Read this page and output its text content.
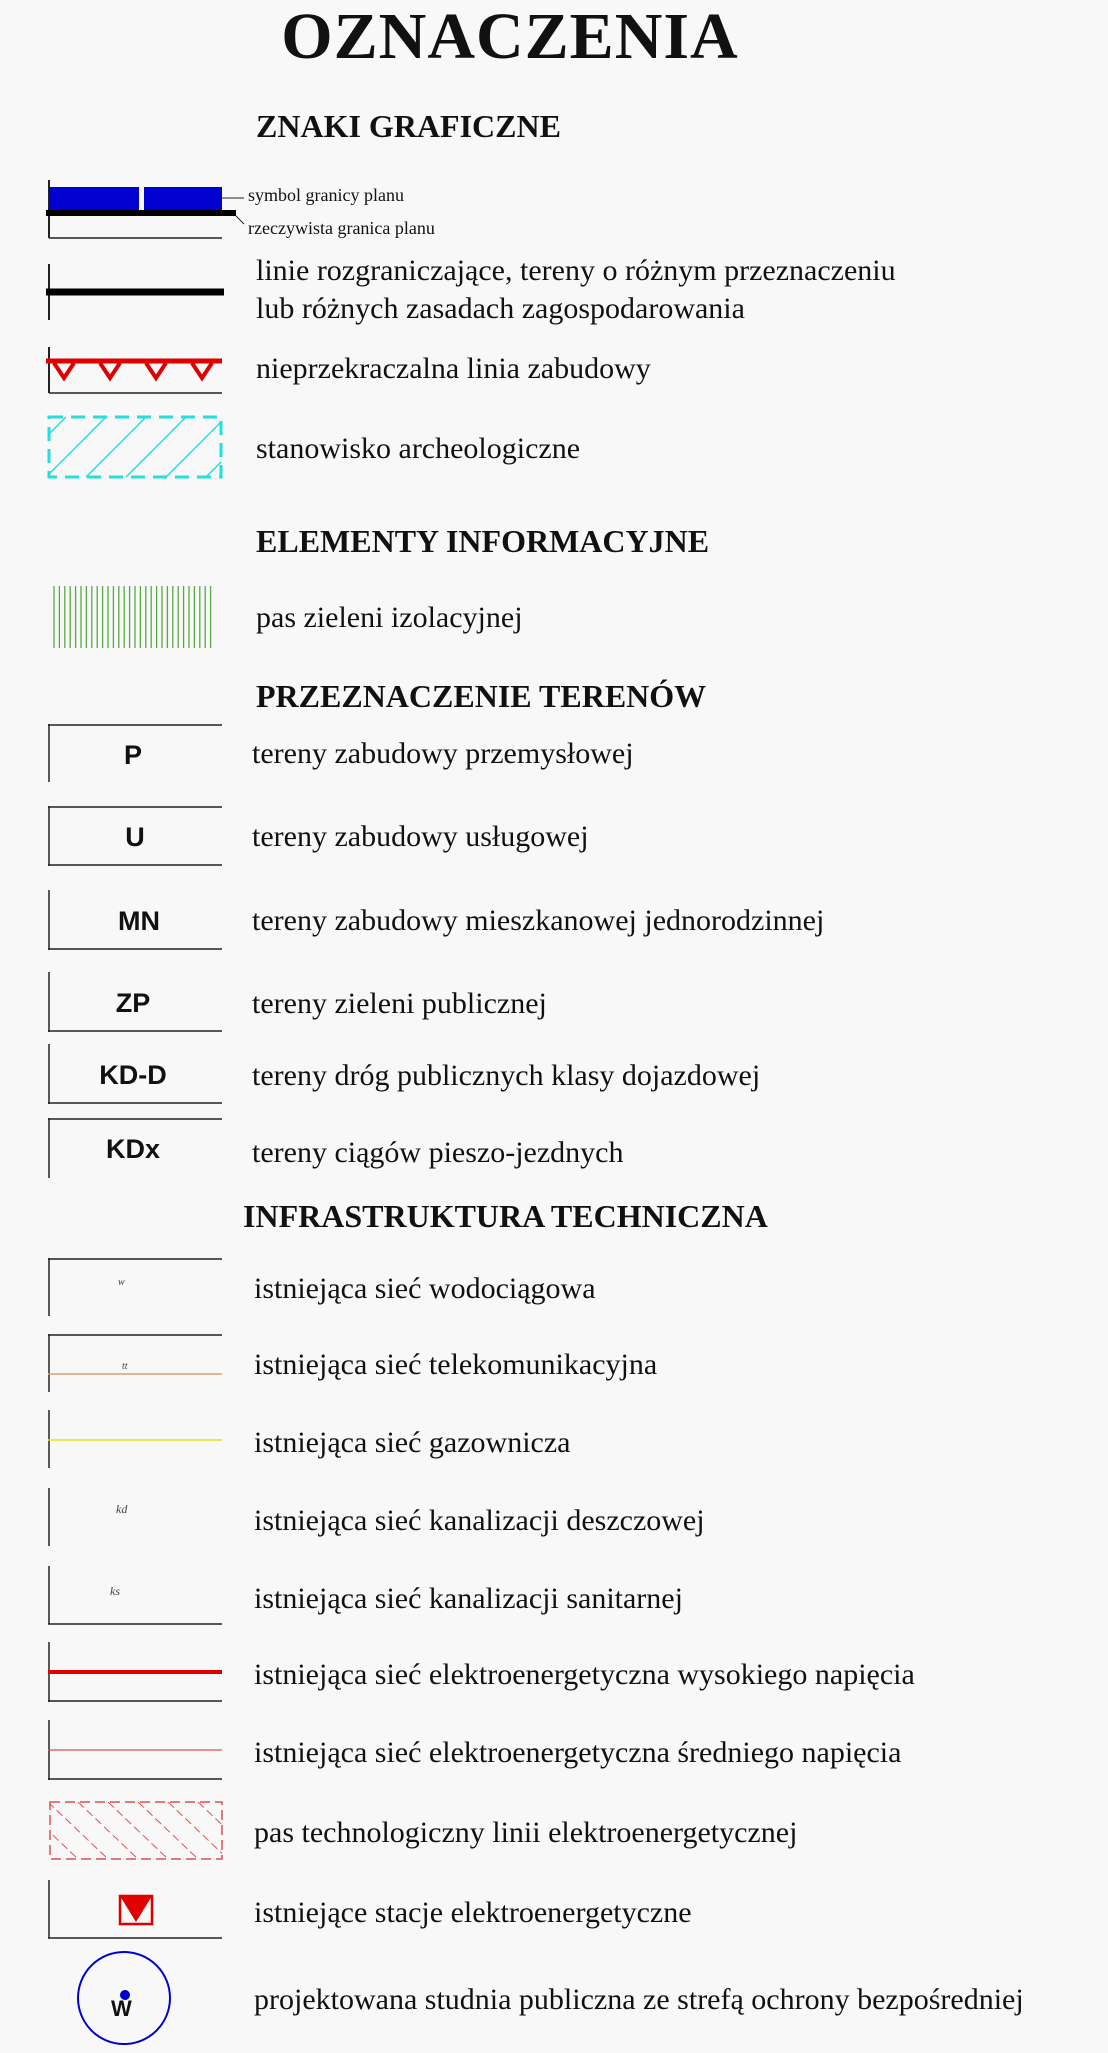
OZNACZENIA
ZNAKI GRAFICZNE
symbol granicy planu
rzeczywista granica planu
linie rozgraniczające, tereny o różnym przeznaczeniu
lub różnych zasadach zagospodarowania
nieprzekraczalna linia zabudowy
stanowisko archeologiczne
ELEMENTY INFORMACYJNE
pas zieleni izolacyjnej
PRZEZNACZENIE TERENÓW
P	tereny zabudowy przemysłowej
U	tereny zabudowy usługowej
MN	tereny zabudowy mieszkanowej jednorodzinnej
ZP	tereny zieleni publicznej
KD-D	tereny dróg publicznych klasy dojazdowej
KDx	tereny ciągów pieszo-jezdnych
INFRASTRUKTURA TECHNICZNA
w	istniejąca sieć wodociągowa
tt	istniejąca sieć telekomunikacyjna
istniejąca sieć gazownicza
kd	istniejąca sieć kanalizacji deszczowej
ks	istniejąca sieć kanalizacji sanitarnej
istniejąca sieć elektroenergetyczna wysokiego napięcia
istniejąca sieć elektroenergetyczna średniego napięcia
pas technologiczny linii elektroenergetycznej
istniejące stacje elektroenergetyczne
W	projektowana studnia publiczna ze strefą ochrony bezpośredniej
